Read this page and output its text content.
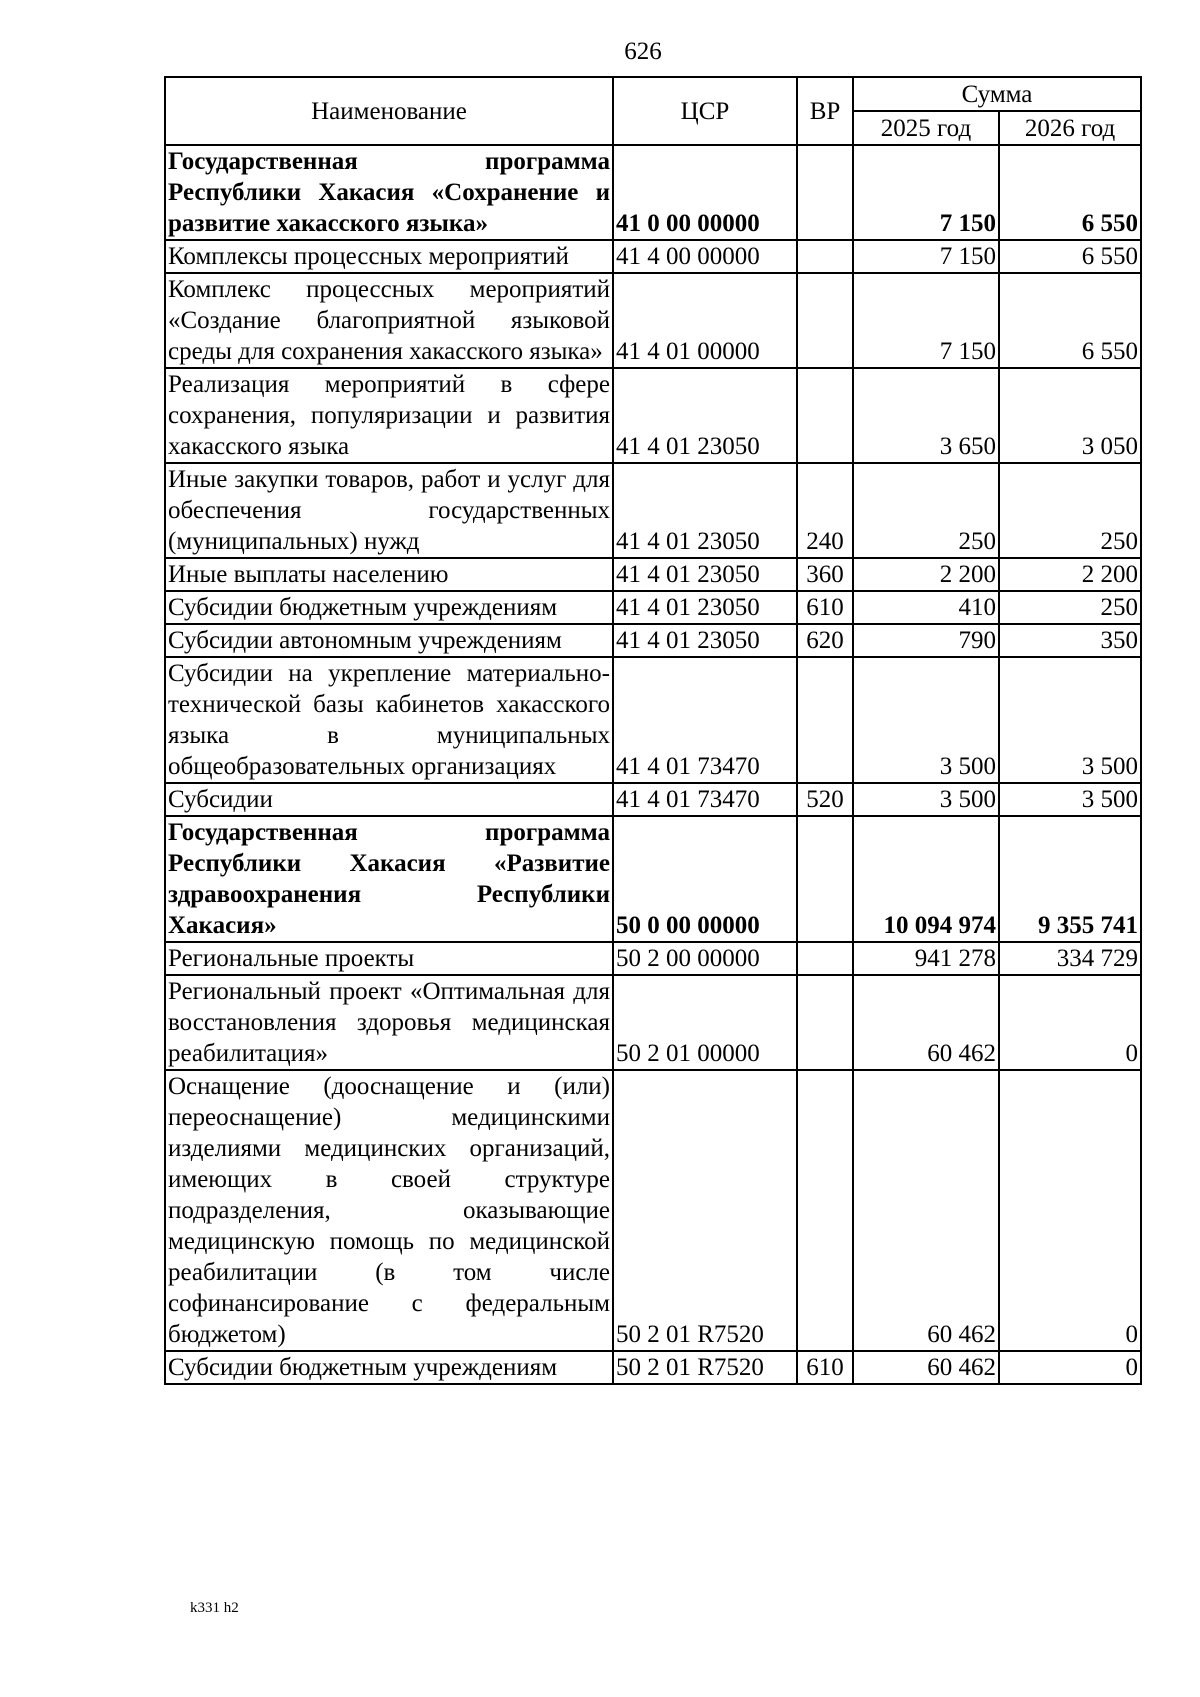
626
Наименование	ЦСР	ВР	Сумма	
			2025 год	2026 год
Государственная программа Республики Хакасия «Сохранение и развитие хакасского языка»	41 0 00 00000		7 150	6 550
Комплексы процессных мероприятий	41 4 00 00000		7 150	6 550
Комплекс процессных мероприятий «Создание благоприятной языковой среды для сохранения хакасского языка»	41 4 01 00000		7 150	6 550
Реализация мероприятий в сфере сохранения, популяризации и развития хакасского языка	41 4 01 23050		3 650	3 050
Иные закупки товаров, работ и услуг для обеспечения государственных (муниципальных) нужд	41 4 01 23050	240	250	250
Иные выплаты населению	41 4 01 23050	360	2 200	2 200
Субсидии бюджетным учреждениям	41 4 01 23050	610	410	250
Субсидии автономным учреждениям	41 4 01 23050	620	790	350
Субсидии на укрепление материально-технической базы кабинетов хакасского языка в муниципальных общеобразовательных организациях	41 4 01 73470		3 500	3 500
Субсидии	41 4 01 73470	520	3 500	3 500
Государственная программа Республики Хакасия «Развитие здравоохранения Республики Хакасия»	50 0 00 00000		10 094 974	9 355 741
Региональные проекты	50 2 00 00000		941 278	334 729
Региональный проект «Оптимальная для восстановления здоровья медицинская реабилитация»	50 2 01 00000		60 462	0
Оснащение (дооснащение и (или) переоснащение) медицинскими изделиями медицинских организаций, имеющих в своей структуре подразделения, оказывающие медицинскую помощь по медицинской реабилитации (в том числе софинансирование с федеральным бюджетом)	50 2 01 R7520		60 462	0
Субсидии бюджетным учреждениям	50 2 01 R7520	610	60 462	0
k331 h2
